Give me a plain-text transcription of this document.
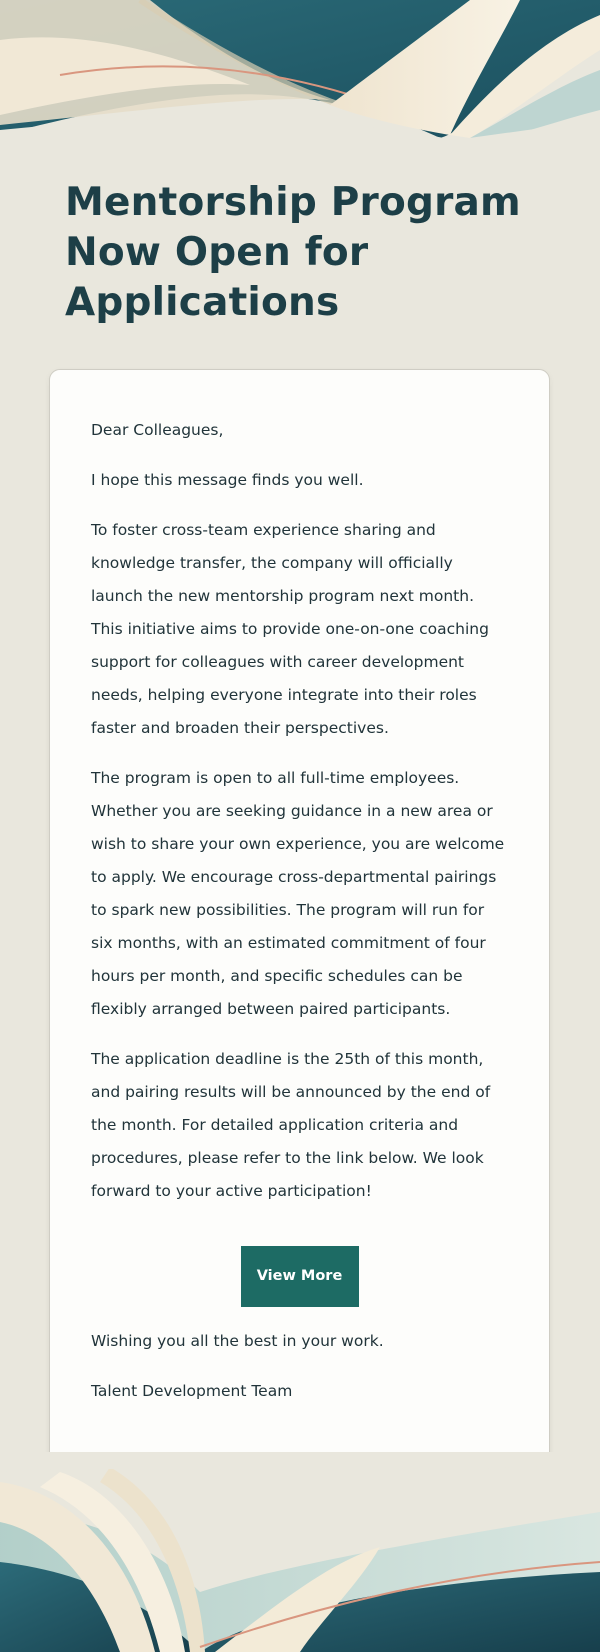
Mentorship Program Now Open for Applications

Dear Colleagues,

I hope this message finds you well.

To foster cross-team experience sharing and knowledge transfer, the company will officially launch the new mentorship program next month. This initiative aims to provide one-on-one coaching support for colleagues with career development needs, helping everyone integrate into their roles faster and broaden their perspectives.

The program is open to all full-time employees. Whether you are seeking guidance in a new area or wish to share your own experience, you are welcome to apply. We encourage cross-departmental pairings to spark new possibilities. The program will run for six months, with an estimated commitment of four hours per month, and specific schedules can be flexibly arranged between paired participants.

The application deadline is the 25th of this month, and pairing results will be announced by the end of the month. For detailed application criteria and procedures, please refer to the link below. We look forward to your active participation!

View More

Wishing you all the best in your work.

Talent Development Team
